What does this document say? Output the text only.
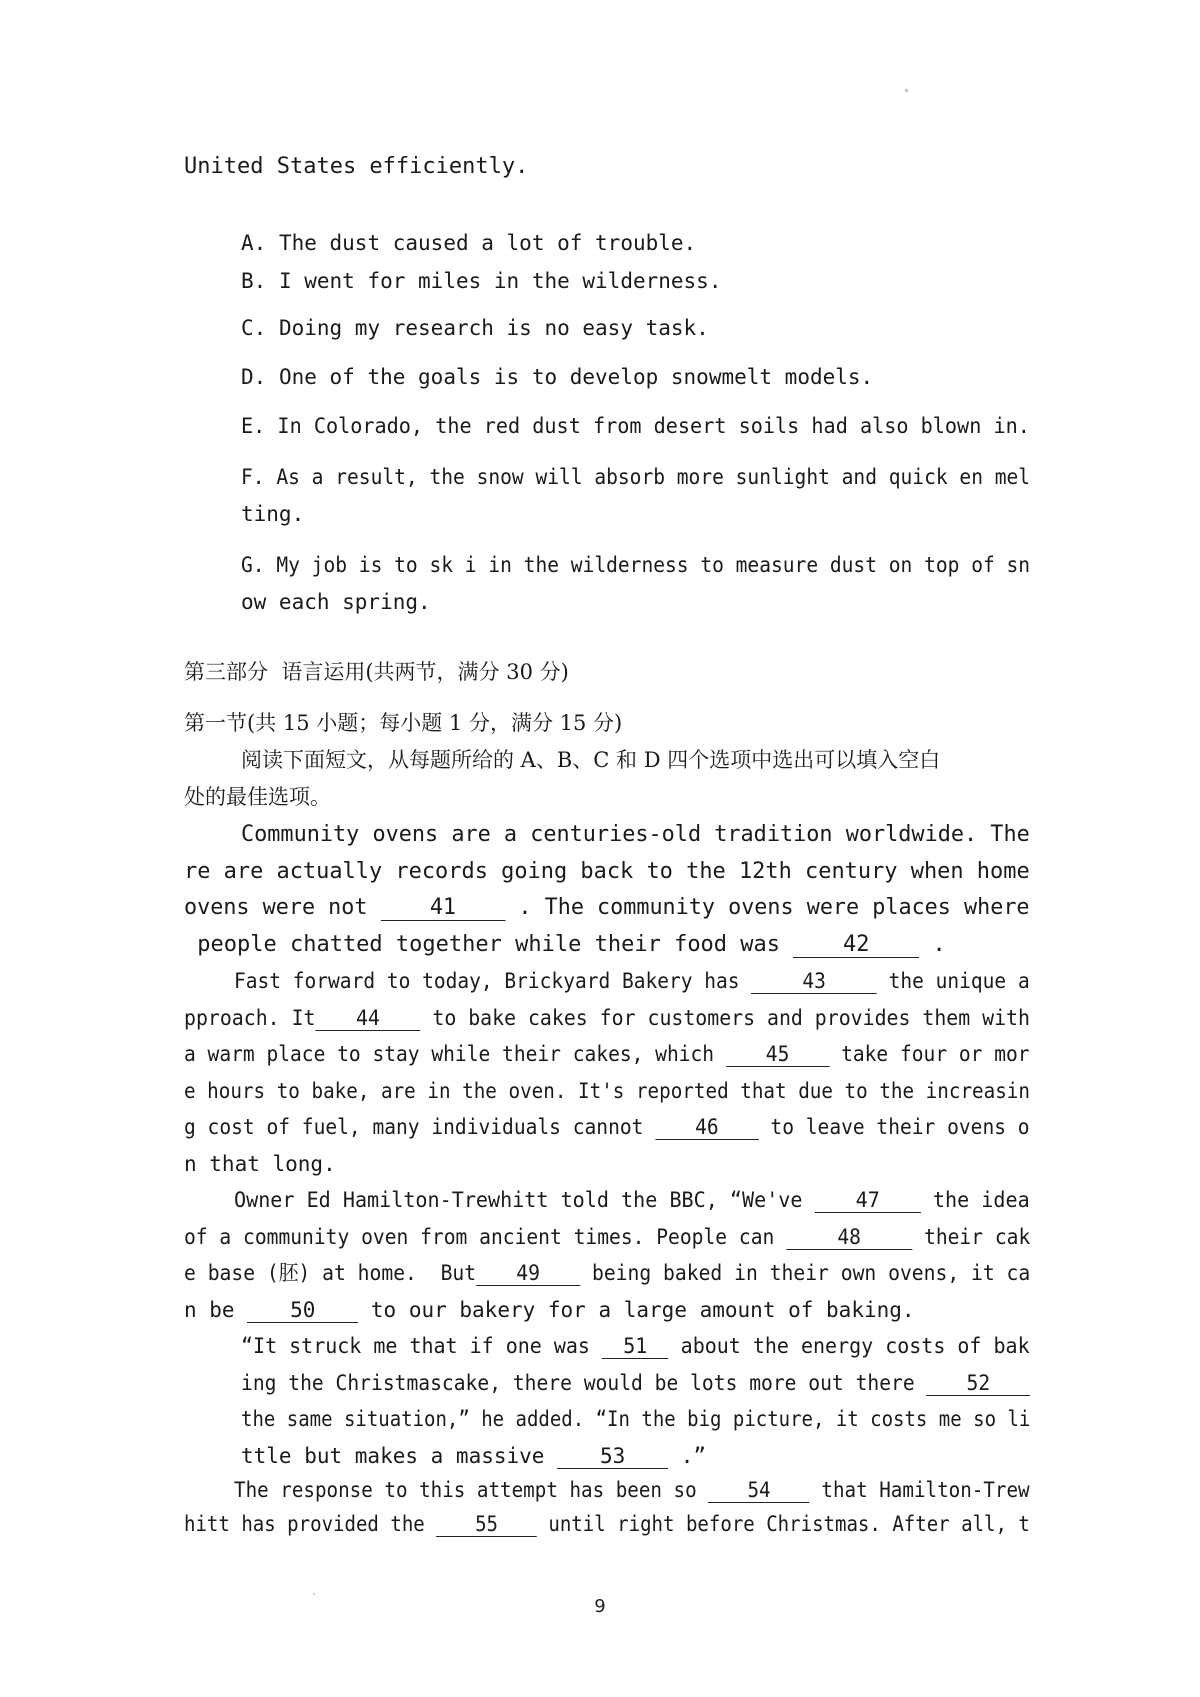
United States efficiently.
A. The dust caused a lot of trouble.
B. I went for miles in the wilderness.
C. Doing my research is no easy task.
D. One of the goals is to develop snowmelt models.
E. In Colorado, the red dust from desert soils had also blown in.
F. As a result, the snow will absorb more sunlight and quick en mel
ting.
G. My job is to sk i in the wilderness to measure dust on top of sn
ow each spring.
第三部分  语言运用(共两节，满分 30 分)
第一节(共 15 小题；每小题 1 分，满分 15 分)
阅读下面短文，从每题所给的 A、B、C 和 D 四个选项中选出可以填入空白
处的最佳选项。
Community ovens are a centuries-old tradition worldwide. The
re are actually records going back to the 12th century when home
ovens were not	41	. The community ovens were places where
people chatted together while their food was	42	.
Fast forward to today, Brickyard Bakery has	43	the unique a
pproach. It 44 to bake cakes for customers and provides them with
a warm place to stay while their cakes, which 45 take four or mor
e hours to bake, are in the oven. It's reported that due to the increasin
g cost of fuel, many individuals cannot 46 to leave their ovens o
n that long.
Owner Ed Hamilton-Trewhitt told the BBC, “We've	47	the idea
of a community oven from ancient times. People can	48	their cak
e base (胚) at home.  But 49 being baked in their own ovens, it ca
n be	50	to our bakery for a large amount of baking.
“It struck me that if one was 51 about the energy costs of bak
ing the Christmascake, there would be lots more out there 52
the same situation,” he added. “In the big picture, it costs me so li
ttle but makes a massive	53	.”
The response to this attempt has been so 54 that Hamilton-Trew
hitt has provided the 55 until right before Christmas. After all, t
9
